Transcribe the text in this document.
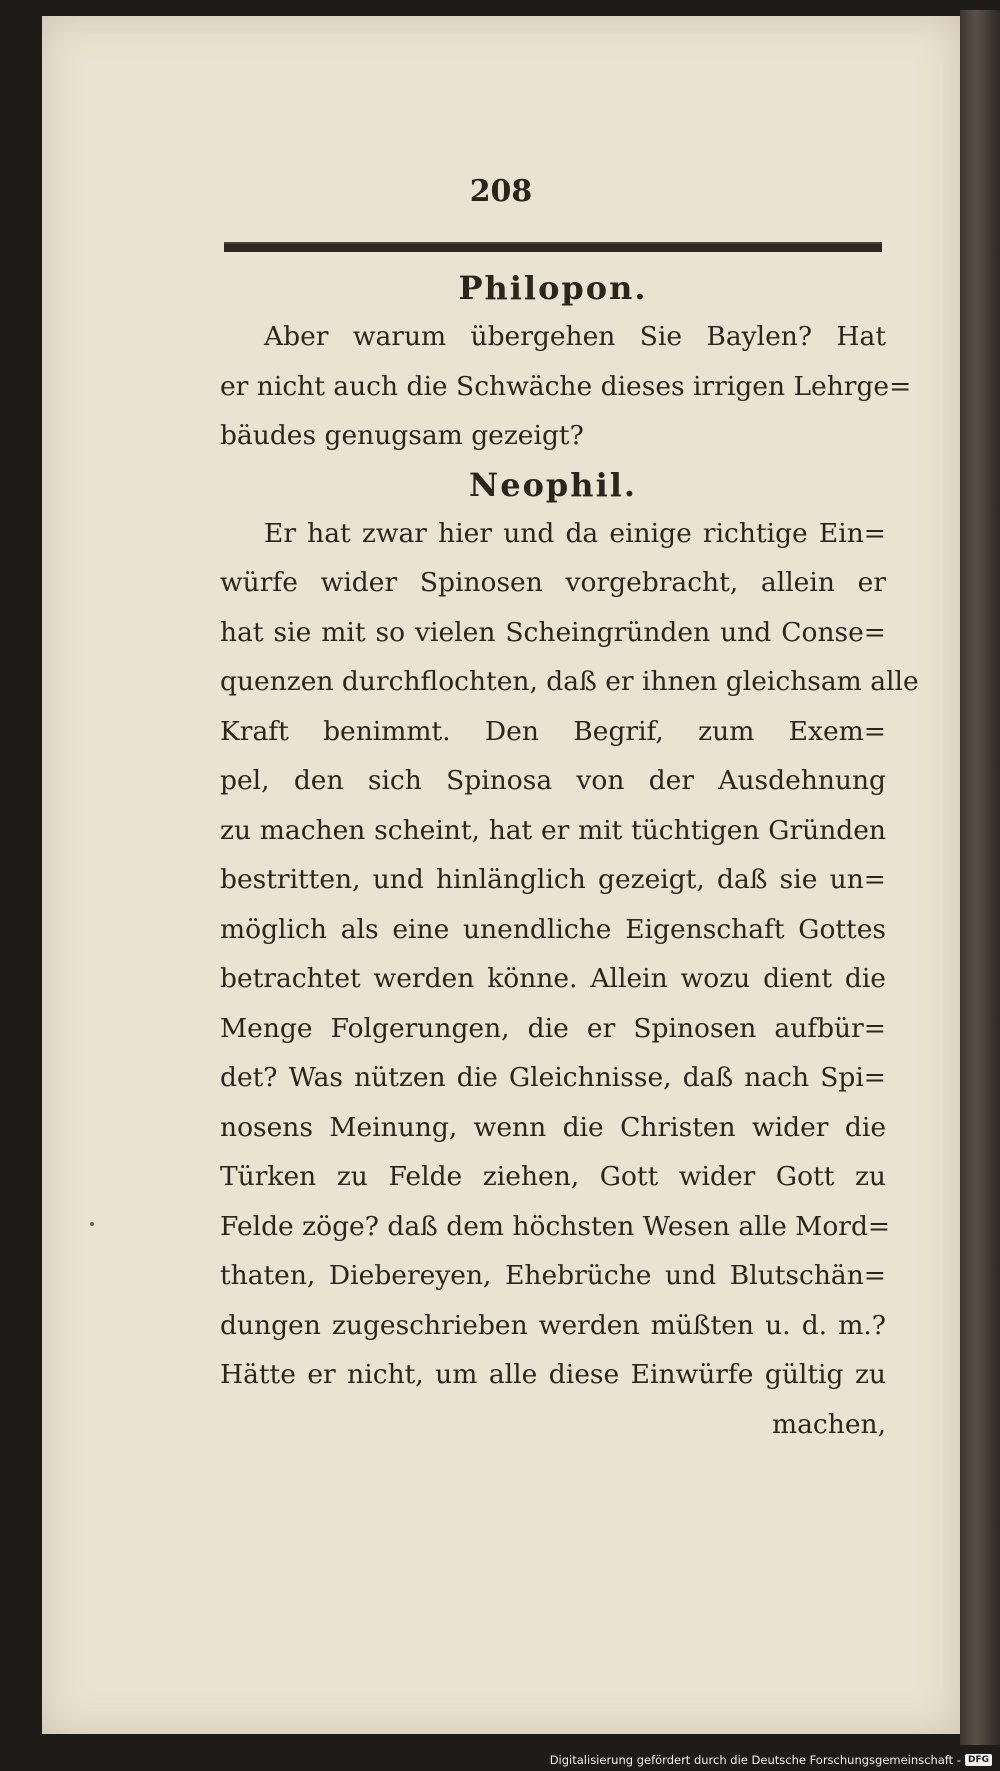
208
Philopon.
Aber warum übergehen Sie Baylen? Hat
er nicht auch die Schwäche dieses irrigen Lehrge=
bäudes genugsam gezeigt?
Neophil.
Er hat zwar hier und da einige richtige Ein=
würfe wider Spinosen vorgebracht, allein er
hat sie mit so vielen Scheingründen und Conse=
quenzen durchflochten, daß er ihnen gleichsam alle
Kraft benimmt. Den Begrif, zum Exem=
pel, den sich Spinosa von der Ausdehnung
zu machen scheint, hat er mit tüchtigen Gründen
bestritten, und hinlänglich gezeigt, daß sie un=
möglich als eine unendliche Eigenschaft Gottes
betrachtet werden könne. Allein wozu dient die
Menge Folgerungen, die er Spinosen aufbür=
det? Was nützen die Gleichnisse, daß nach Spi=
nosens Meinung, wenn die Christen wider die
Türken zu Felde ziehen, Gott wider Gott zu
Felde zöge? daß dem höchsten Wesen alle Mord=
thaten, Diebereyen, Ehebrüche und Blutschän=
dungen zugeschrieben werden müßten u. d. m.?
Hätte er nicht, um alle diese Einwürfe gültig zu
machen,
Digitalisierung gefördert durch die Deutsche Forschungsgemeinschaft - DFG
